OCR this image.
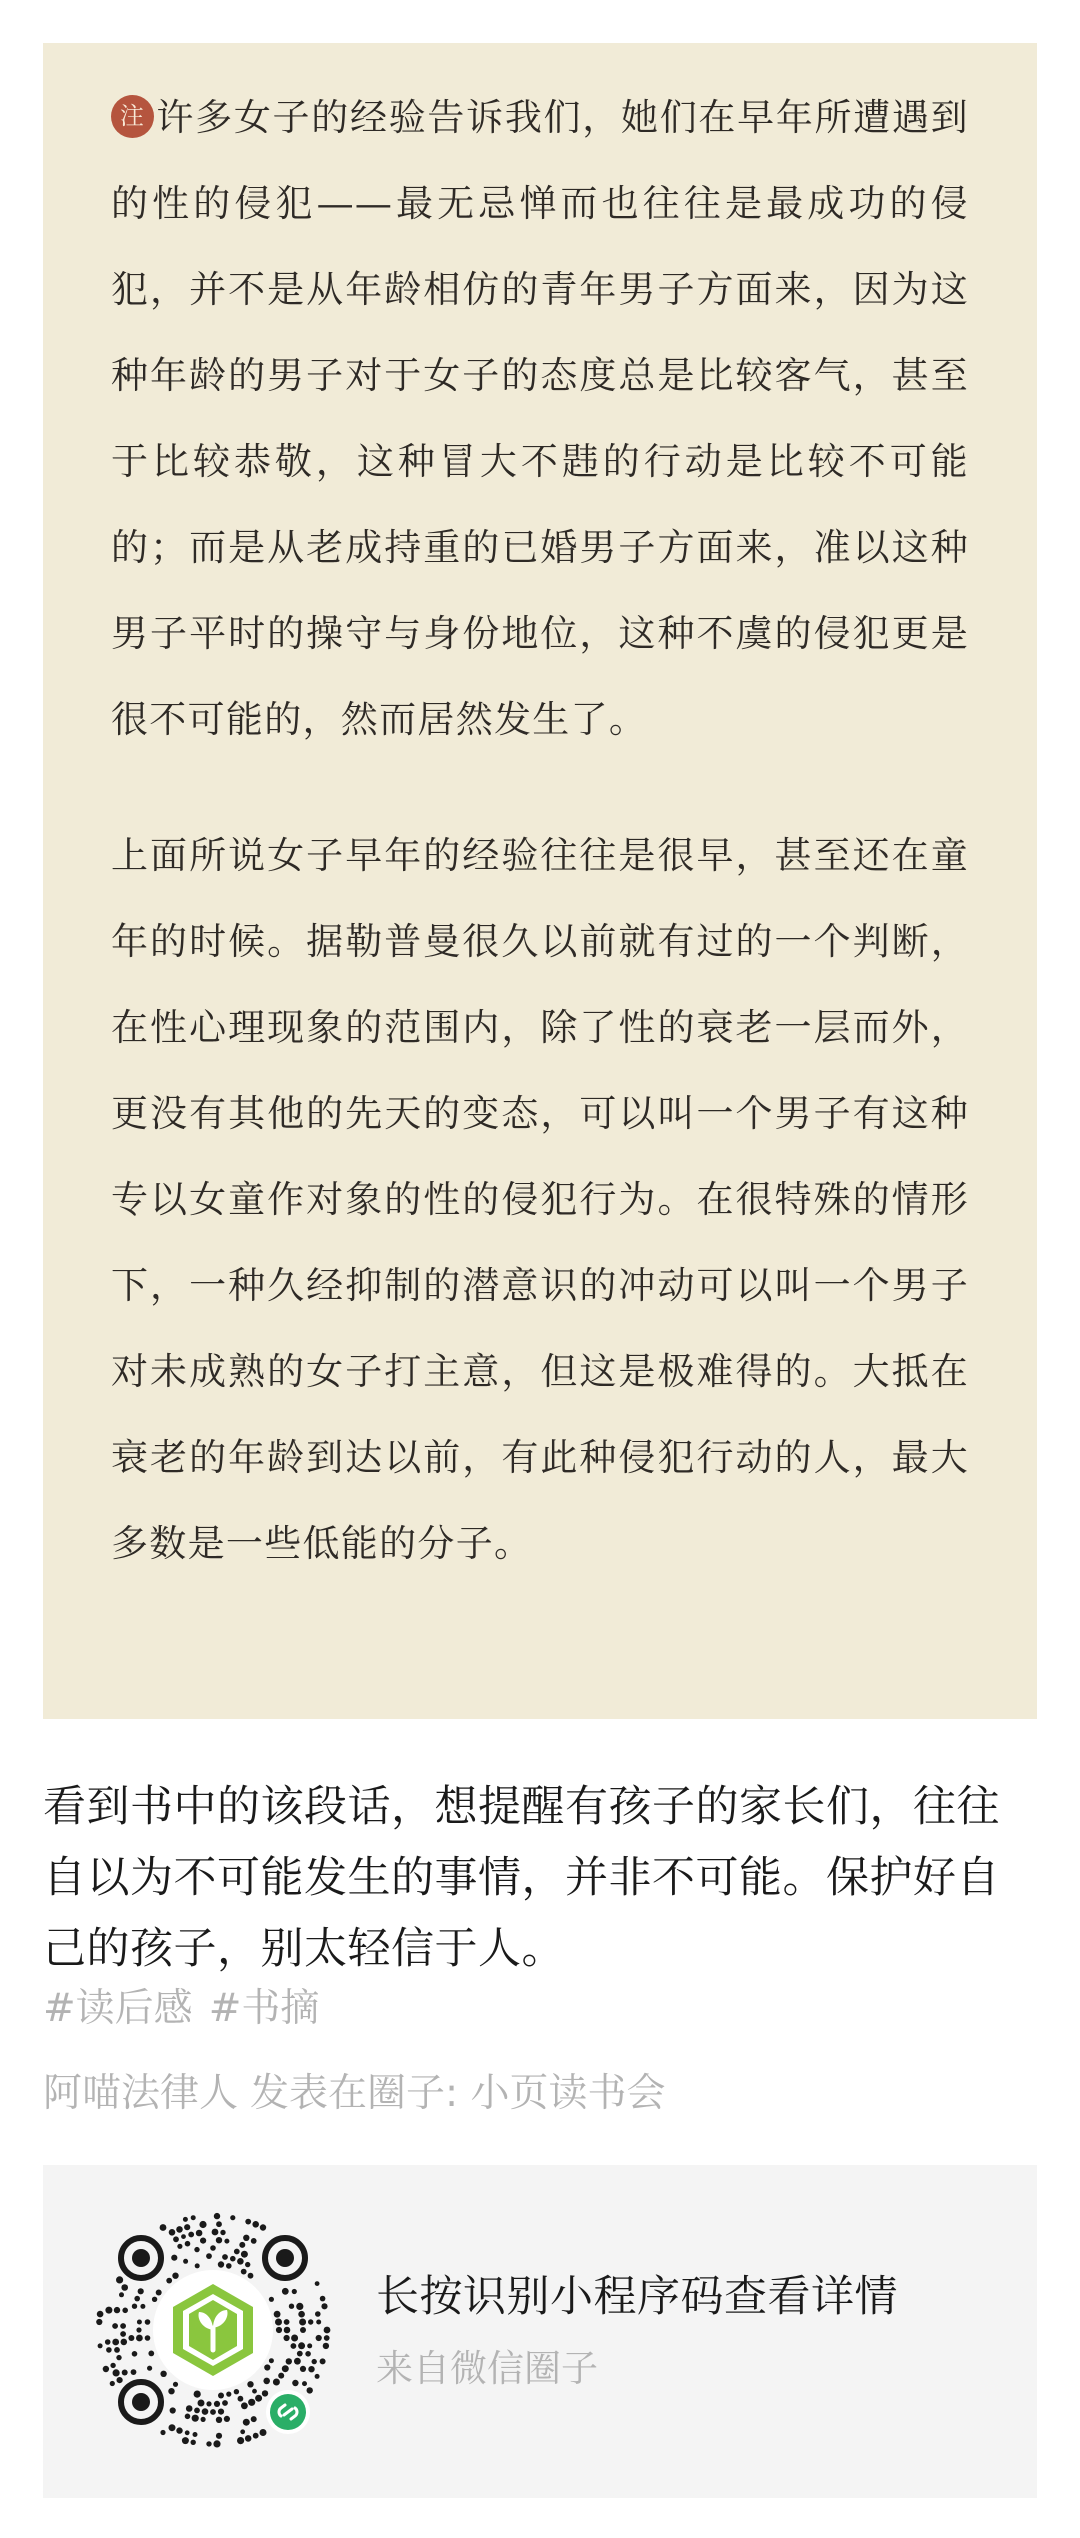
注 许多女子的经验告诉我们，她们在早年所遭遇到的性的侵犯——最无忌惮而也往往是最成功的侵犯，并不是从年龄相仿的青年男子方面来，因为这种年龄的男子对于女子的态度总是比较客气，甚至于比较恭敬，这种冒大不韪的行动是比较不可能的；而是从老成持重的已婚男子方面来，准以这种男子平时的操守与身份地位，这种不虞的侵犯更是很不可能的，然而居然发生了。

上面所说女子早年的经验往往是很早，甚至还在童年的时候。据勒普曼很久以前就有过的一个判断，在性心理现象的范围内，除了性的衰老一层而外，更没有其他的先天的变态，可以叫一个男子有这种专以女童作对象的性的侵犯行为。在很特殊的情形下，一种久经抑制的潜意识的冲动可以叫一个男子对未成熟的女子打主意，但这是极难得的。大抵在衰老的年龄到达以前，有此种侵犯行动的人，最大多数是一些低能的分子。

看到书中的该段话，想提醒有孩子的家长们，往往自以为不可能发生的事情，并非不可能。保护好自己的孩子，别太轻信于人。

#读后感 #书摘
阿喵法律人 发表在圈子: 小页读书会
长按识别小程序码查看详情
来自微信圈子
